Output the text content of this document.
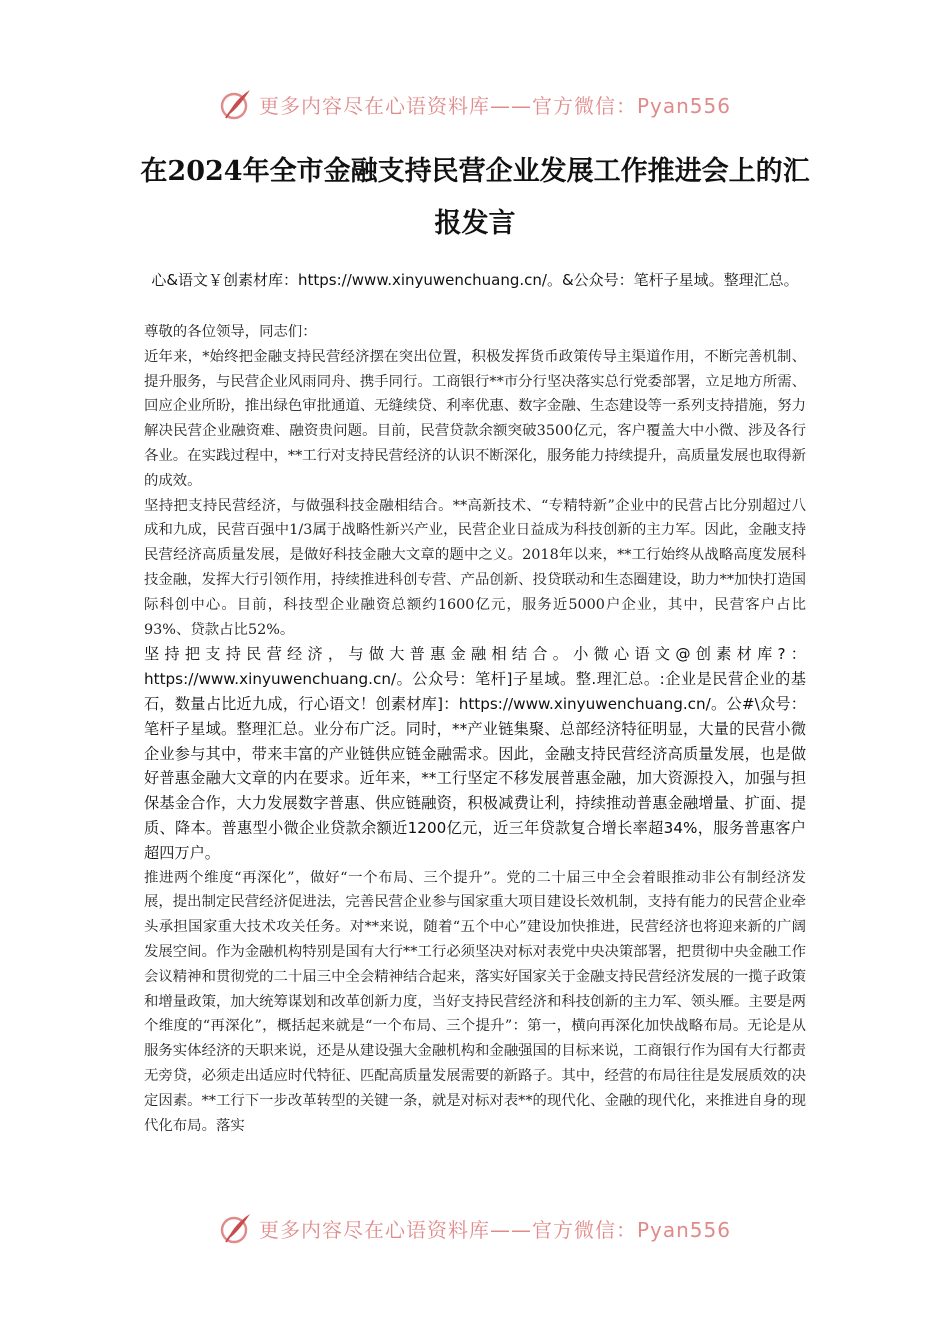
更多内容尽在心语资料库——官方微信：Pyan556
在2024年全市金融支持民营企业发展工作推进会上的汇报发言
心&语文￥创素材库：https://www.xinyuwenchuang.cn/。&公众号：笔杆子星域。整理汇总。

尊敬的各位领导，同志们：

近年来，*始终把金融支持民营经济摆在突出位置，积极发挥货币政策传导主渠道作用，不断完善机制、提升服务，与民营企业风雨同舟、携手同行。工商银行**市分行坚决落实总行党委部署，立足地方所需、回应企业所盼，推出绿色审批通道、无缝续贷、利率优惠、数字金融、生态建设等一系列支持措施，努力解决民营企业融资难、融资贵问题。目前，民营贷款余额突破3500亿元，客户覆盖大中小微、涉及各行各业。在实践过程中，**工行对支持民营经济的认识不断深化，服务能力持续提升，高质量发展也取得新的成效。

坚持把支持民营经济，与做强科技金融相结合。**高新技术、“专精特新”企业中的民营占比分别超过八成和九成，民营百强中1/3属于战略性新兴产业，民营企业日益成为科技创新的主力军。因此，金融支持民营经济高质量发展，是做好科技金融大文章的题中之义。2018年以来，**工行始终从战略高度发展科技金融，发挥大行引领作用，持续推进科创专营、产品创新、投贷联动和生态圈建设，助力**加快打造国际科创中心。目前，科技型企业融资总额约1600亿元，服务近5000户企业，其中，民营客户占比93%、贷款占比52%。

坚持把支持民营经济，与做大普惠金融相结合。小微心语文@创素材库?：https://www.xinyuwenchuang.cn/。公众号：笔杆]子星域。整.理汇总。:企业是民营企业的基石，数量占比近九成，行心语文！创素材库]：https://www.xinyuwenchuang.cn/。公#\众号：笔杆子星域。整理汇总。业分布广泛。同时，**产业链集聚、总部经济特征明显，大量的民营小微企业参与其中，带来丰富的产业链供应链金融需求。因此，金融支持民营经济高质量发展，也是做好普惠金融大文章的内在要求。近年来，**工行坚定不移发展普惠金融，加大资源投入，加强与担保基金合作，大力发展数字普惠、供应链融资，积极减费让利，持续推动普惠金融增量、扩面、提质、降本。普惠型小微企业贷款余额近1200亿元，近三年贷款复合增长率超34%，服务普惠客户超四万户。

推进两个维度“再深化”，做好“一个布局、三个提升”。党的二十届三中全会着眼推动非公有制经济发展，提出制定民营经济促进法，完善民营企业参与国家重大项目建设长效机制，支持有能力的民营企业牵头承担国家重大技术攻关任务。对**来说，随着“五个中心”建设加快推进，民营经济也将迎来新的广阔发展空间。作为金融机构特别是国有大行**工行必须坚决对标对表党中央决策部署，把贯彻中央金融工作会议精神和贯彻党的二十届三中全会精神结合起来，落实好国家关于金融支持民营经济发展的一揽子政策和增量政策，加大统筹谋划和改革创新力度，当好支持民营经济和科技创新的主力军、领头雁。主要是两个维度的“再深化”，概括起来就是“一个布局、三个提升”：第一，横向再深化加快战略布局。无论是从服务实体经济的天职来说，还是从建设强大金融机构和金融强国的目标来说，工商银行作为国有大行都责无旁贷，必须走出适应时代特征、匹配高质量发展需要的新路子。其中，经营的布局往往是发展质效的决定因素。**工行下一步改革转型的关键一条，就是对标对表**的现代化、金融的现代化，来推进自身的现代化布局。落实

更多内容尽在心语资料库——官方微信：Pyan556
